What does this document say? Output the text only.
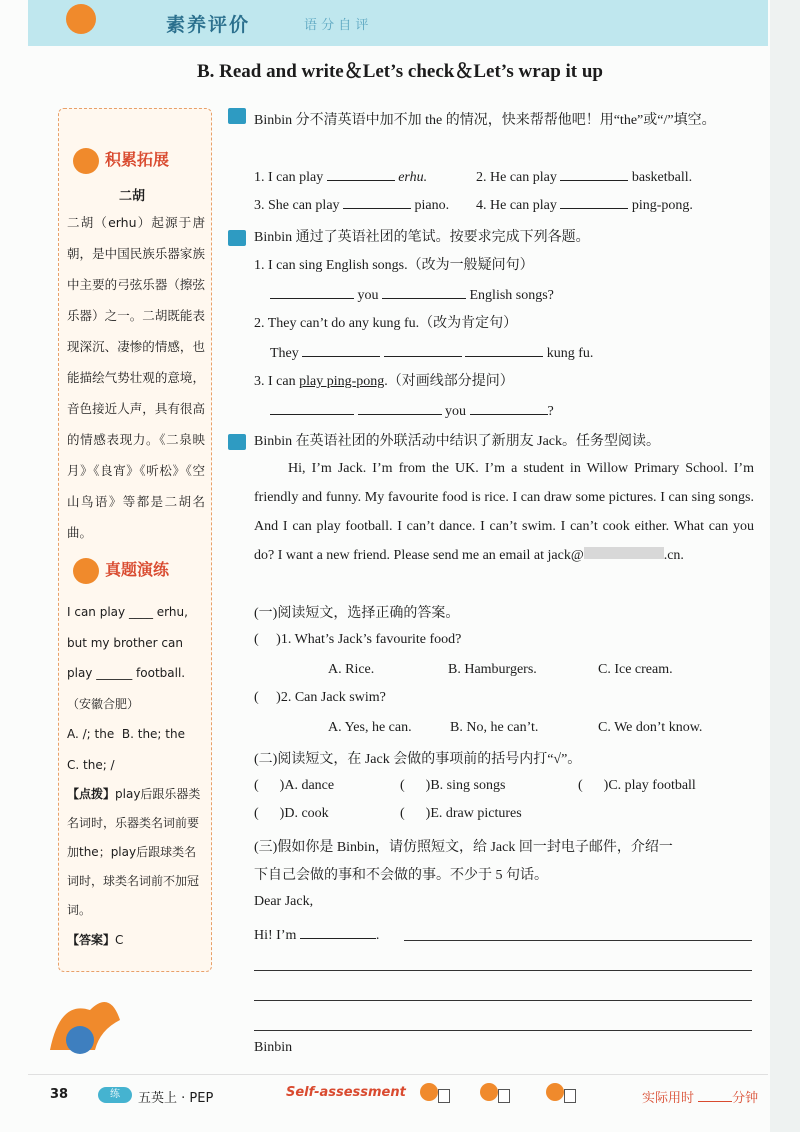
素养评价	语 分 自 评
B. Read and write＆Let’s check＆Let’s wrap it up
积累拓展
二胡
二胡（erhu）起源于唐朝，是中国民族乐器家族中主要的弓弦乐器（擦弦乐器）之一。二胡既能表现深沉、凄惨的情感，也能描绘气势壮观的意境，音色接近人声，具有很高的情感表现力。《二泉映月》《良宵》《听松》《空山鸟语》等都是二胡名曲。
真题演练

I can play ____ erhu,

but my brother can

play ______ football.

（安徽合肥）

A. /; the B. the; the

C. the; /

【点拨】play后跟乐器类名词时，乐器类名词前要加the；play后跟球类名词时，球类名词前不加冠词。

【答案】C

Binbin 分不清英语中加不加 the 的情况，快来帮帮他吧！用“the”或“/”填空。
1. I can play	erhu.	2. He can play	basketball.
3. She can play	piano. 4. He can play	ping-pong.
Binbin 通过了英语社团的笔试。按要求完成下列各题。
1. I can sing English songs.（改为一般疑问句）
you	English songs?
2. They can’t do any kung fu.（改为肯定句）
They	kung fu.
3. I can play ping-pong.（对画线部分提问）
you	?
Binbin 在英语社团的外联活动中结识了新朋友 Jack。任务型阅读。
Hi, I’m Jack. I’m from the UK. I’m a student in Willow Primary School. I’m friendly and funny. My favourite food is rice. I can draw some pictures. I can sing songs. And I can play football. I can’t dance. I can’t swim. I can’t cook either. What can you do? I want a new friend. Please send me an email at jack@	.cn.
(一)阅读短文，选择正确的答案。
(     )1. What’s Jack’s favourite food?
A. Rice.	B. Hamburgers.	C. Ice cream.
(     )2. Can Jack swim?
A. Yes, he can.	B. No, he can’t.	C. We don’t know.
(二)阅读短文，在 Jack 会做的事项前的括号内打“√”。
(      )A. dance	(      )B. sing songs	(      )C. play football
(      )D. cook	(      )E. draw pictures
(三)假如你是 Binbin，请仿照短文，给 Jack 回一封电子邮件，介绍一
下自己会做的事和不会做的事。不少于 5 句话。
Dear Jack,
Hi! I’m	.
Binbin
38	练	五英上 · PEP	Self-assessment	实际用时	分钟
